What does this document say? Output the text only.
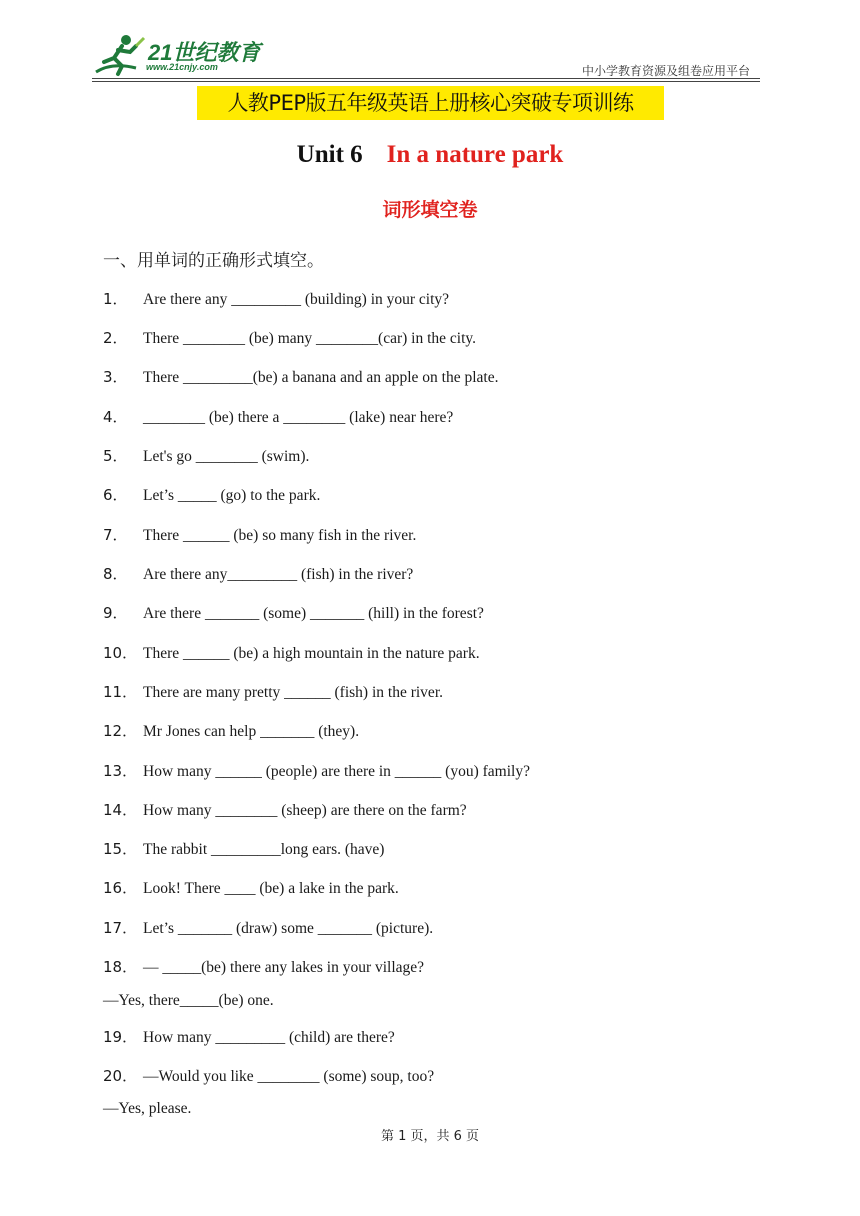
21世纪教育
www.21cnjy.com	中小学教育资源及组卷应用平台
人教PEP版五年级英语上册核心突破专项训练
Unit 6 In a nature park
词形填空卷
一、用单词的正确形式填空。
1． Are there any _________ (building) in your city?
2． There ________ (be) many ________(car) in the city.
3． There _________(be) a banana and an apple on the plate.
4． ________ (be) there a ________ (lake) near here?
5． Let's go ________ (swim).
6． Let’s _____ (go) to the park.
7． There ______ (be) so many fish in the river.
8． Are there any_________ (fish) in the river?
9． Are there _______ (some) _______ (hill) in the forest?
10． There ______ (be) a high mountain in the nature park.
11． There are many pretty ______ (fish) in the river.
12． Mr Jones can help _______ (they).
13． How many ______ (people) are there in ______ (you) family?
14． How many ________ (sheep) are there on the farm?
15． The rabbit _________long ears. (have)
16． Look! There ____ (be) a lake in the park.
17． Let’s _______ (draw) some _______ (picture).
18． — _____(be) there any lakes in your village?
—Yes, there_____(be) one.
19． How many _________ (child) are there?
20． —Would you like ________ (some) soup, too?
—Yes, please.
第 1 页，共 6 页
